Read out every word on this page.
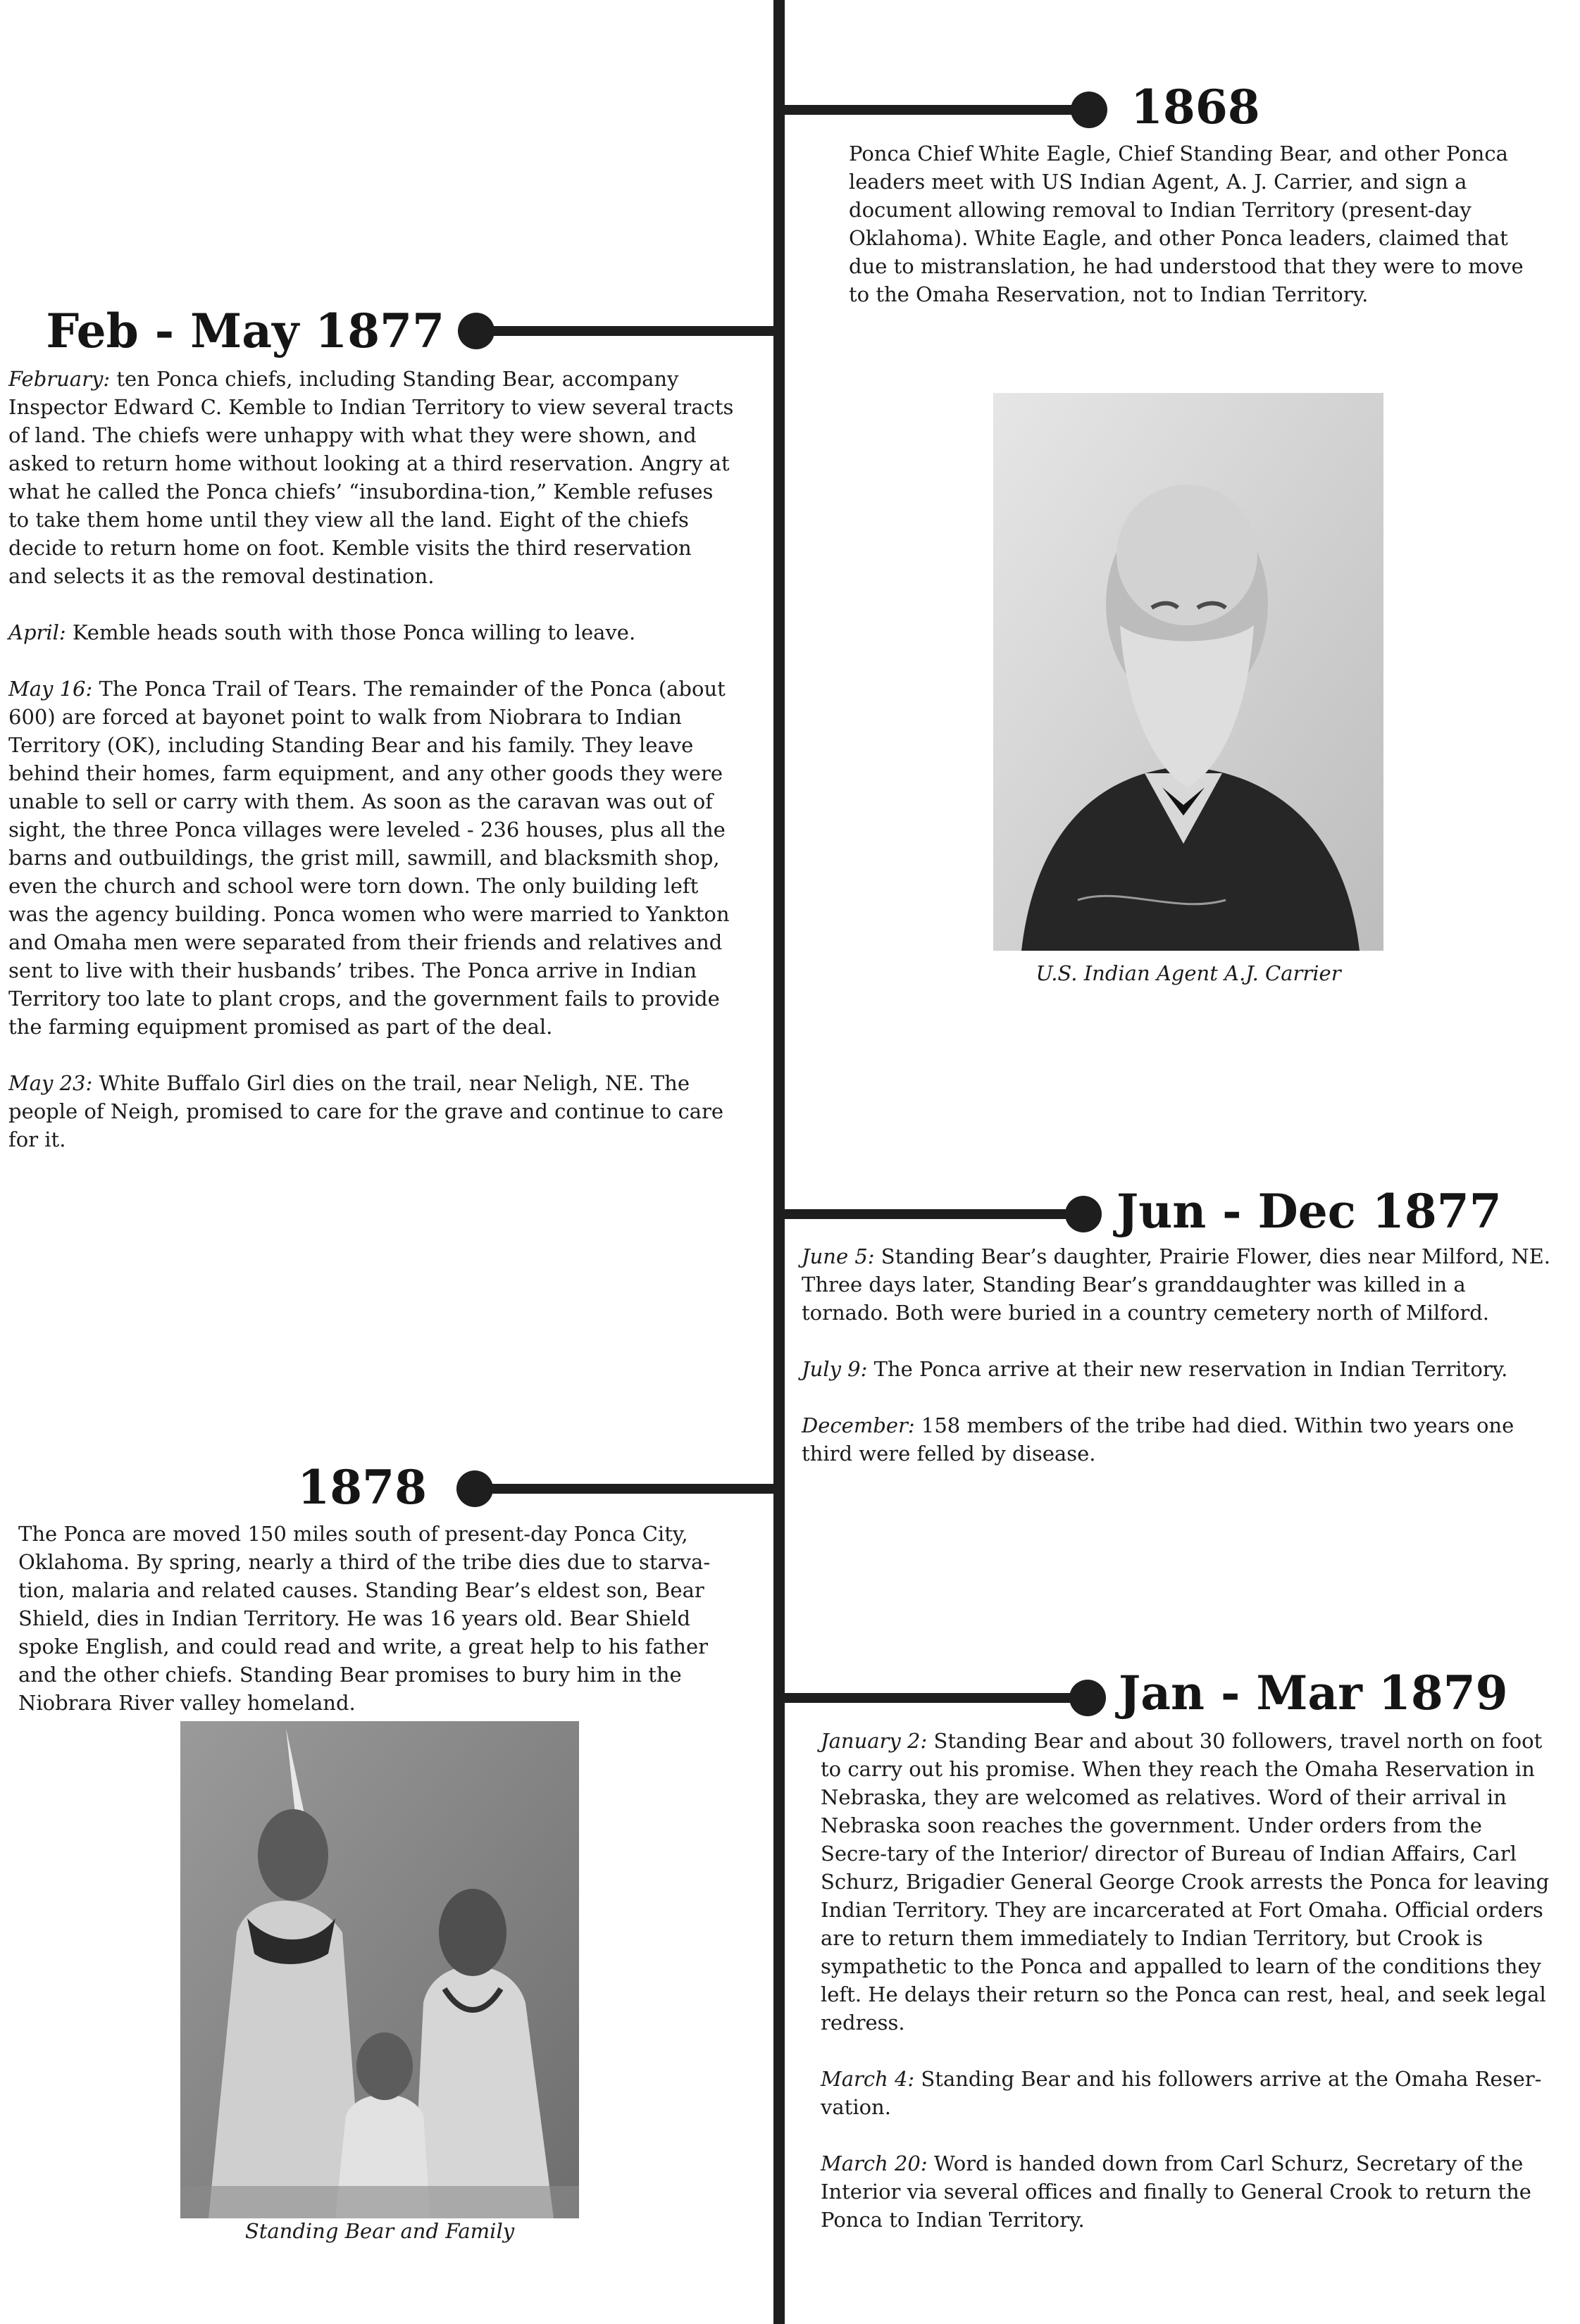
1868

Ponca Chief White Eagle, Chief Standing Bear, and other Ponca leaders meet with US Indian Agent, A. J. Carrier, and sign a document allowing removal to Indian Territory (present-day Oklahoma). White Eagle, and other Ponca leaders, claimed that due to mistranslation, he had understood that they were to move to the Omaha Reservation, not to Indian Territory.

Feb - May 1877

February: ten Ponca chiefs, including Standing Bear, accompany Inspector Edward C. Kemble to Indian Territory to view several tracts of land. The chiefs were unhappy with what they were shown, and asked to return home without looking at a third reservation. Angry at what he called the Ponca chiefs’ “insubordina-tion,” Kemble refuses to take them home until they view all the land. Eight of the chiefs decide to return home on foot. Kemble visits the third reservation and selects it as the removal destination.

April: Kemble heads south with those Ponca willing to leave.

May 16: The Ponca Trail of Tears. The remainder of the Ponca (about 600) are forced at bayonet point to walk from Niobrara to Indian Territory (OK), including Standing Bear and his family. They leave behind their homes, farm equipment, and any other goods they were unable to sell or carry with them. As soon as the caravan was out of sight, the three Ponca villages were leveled - 236 houses, plus all the barns and outbuildings, the grist mill, sawmill, and blacksmith shop, even the church and school were torn down. The only building left was the agency building. Ponca women who were married to Yankton and Omaha men were separated from their friends and relatives and sent to live with their husbands’ tribes. The Ponca arrive in Indian Territory too late to plant crops, and the government fails to provide the farming equipment promised as part of the deal.

May 23: White Buffalo Girl dies on the trail, near Neligh, NE. The people of Neigh, promised to care for the grave and continue to care for it.

U.S. Indian Agent A.J. Carrier
Jun - Dec 1877

June 5: Standing Bear’s daughter, Prairie Flower, dies near Milford, NE. Three days later, Standing Bear’s granddaughter was killed in a tornado. Both were buried in a country cemetery north of Milford.

July 9: The Ponca arrive at their new reservation in Indian Territory.

December: 158 members of the tribe had died. Within two years one third were felled by disease.

1878

The Ponca are moved 150 miles south of present-day Ponca City, Oklahoma. By spring, nearly a third of the tribe dies due to starva-tion, malaria and related causes. Standing Bear’s eldest son, Bear Shield, dies in Indian Territory. He was 16 years old. Bear Shield spoke English, and could read and write, a great help to his father and the other chiefs. Standing Bear promises to bury him in the Niobrara River valley homeland.

Standing Bear and Family
Jan - Mar 1879

January 2: Standing Bear and about 30 followers, travel north on foot to carry out his promise. When they reach the Omaha Reservation in Nebraska, they are welcomed as relatives. Word of their arrival in Nebraska soon reaches the government. Under orders from the Secre-tary of the Interior/ director of Bureau of Indian Affairs, Carl Schurz, Brigadier General George Crook arrests the Ponca for leaving Indian Territory. They are incarcerated at Fort Omaha. Official orders are to return them immediately to Indian Territory, but Crook is sympathetic to the Ponca and appalled to learn of the conditions they left. He delays their return so the Ponca can rest, heal, and seek legal redress.

March 4: Standing Bear and his followers arrive at the Omaha Reser-vation.

March 20: Word is handed down from Carl Schurz, Secretary of the Interior via several offices and finally to General Crook to return the Ponca to Indian Territory.
